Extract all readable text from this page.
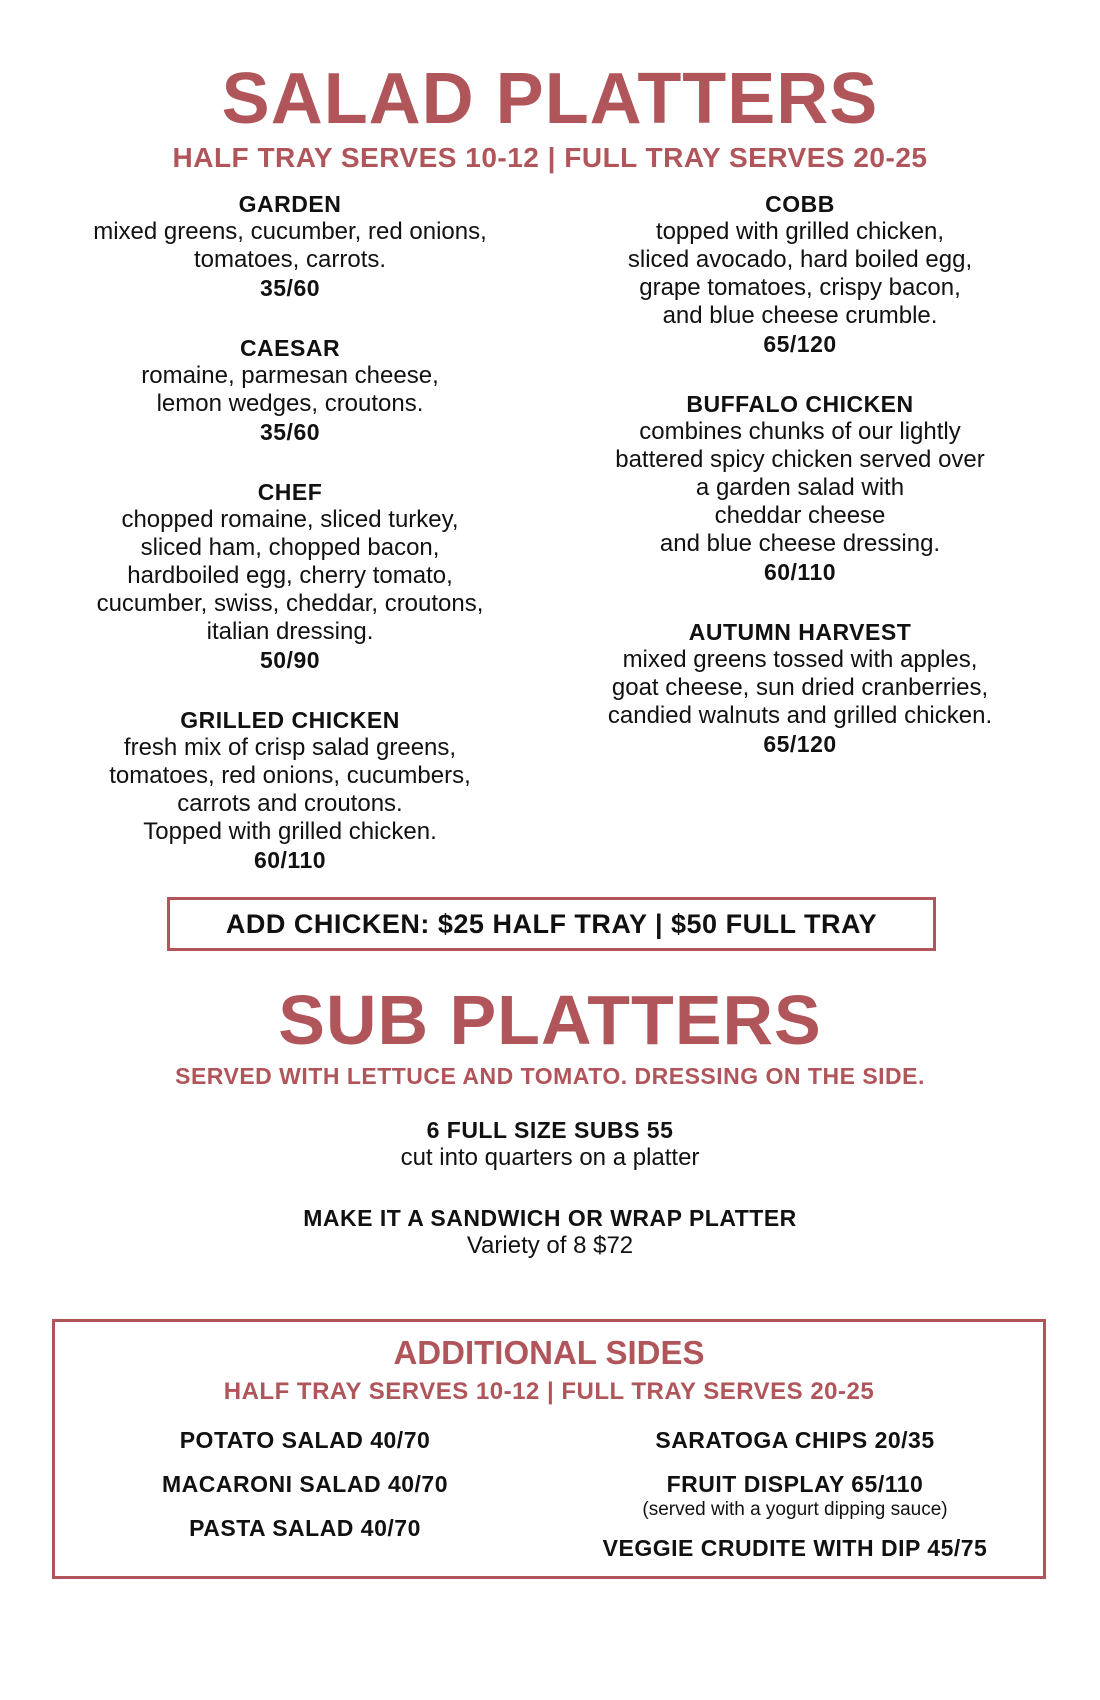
SALAD PLATTERS
HALF TRAY SERVES 10-12 | FULL TRAY SERVES 20-25
GARDEN
mixed greens, cucumber, red onions,
tomatoes, carrots.
35/60
CAESAR
romaine, parmesan cheese,
lemon wedges, croutons.
35/60
CHEF
chopped romaine, sliced turkey,
sliced ham, chopped bacon,
hardboiled egg, cherry tomato,
cucumber, swiss, cheddar, croutons,
italian dressing.
50/90
GRILLED CHICKEN
fresh mix of crisp salad greens,
tomatoes, red onions, cucumbers,
carrots and croutons.
Topped with grilled chicken.
60/110
COBB
topped with grilled chicken,
sliced avocado, hard boiled egg,
grape tomatoes, crispy bacon,
and blue cheese crumble.
65/120
BUFFALO CHICKEN
combines chunks of our lightly
battered spicy chicken served over
a garden salad with
cheddar cheese
and blue cheese dressing.
60/110
AUTUMN HARVEST
mixed greens tossed with apples,
goat cheese, sun dried cranberries,
candied walnuts and grilled chicken.
65/120
ADD CHICKEN: $25 HALF TRAY | $50 FULL TRAY
SUB PLATTERS
SERVED WITH LETTUCE AND TOMATO. DRESSING ON THE SIDE.
6 FULL SIZE SUBS 55
cut into quarters on a platter
MAKE IT A SANDWICH OR WRAP PLATTER
Variety of 8 $72
ADDITIONAL SIDES
HALF TRAY SERVES 10-12 | FULL TRAY SERVES 20-25
POTATO SALAD 40/70
MACARONI SALAD 40/70
PASTA SALAD 40/70
SARATOGA CHIPS 20/35
FRUIT DISPLAY 65/110
(served with a yogurt dipping sauce)
VEGGIE CRUDITE WITH DIP 45/75
